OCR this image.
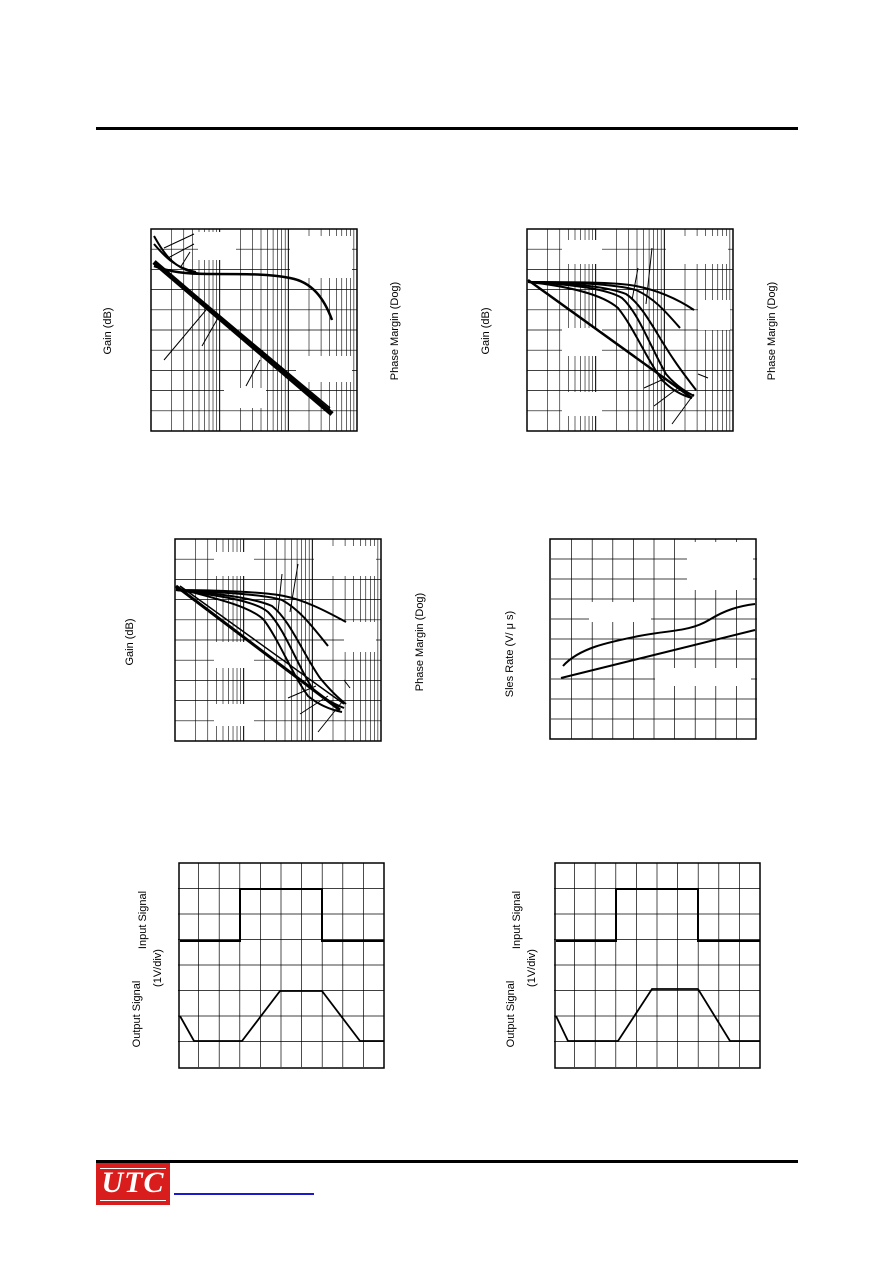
Gain (dB)	Phase Margin (Dog)	Gain (dB)	Phase Margin (Dog)
Gain (dB)	Phase Margin (Dog)	Sles Rate (V/ μ s)
Input Signal
Output Signal
(1V/div)
Input Signal
Output Signal
(1V/div)
UTC
